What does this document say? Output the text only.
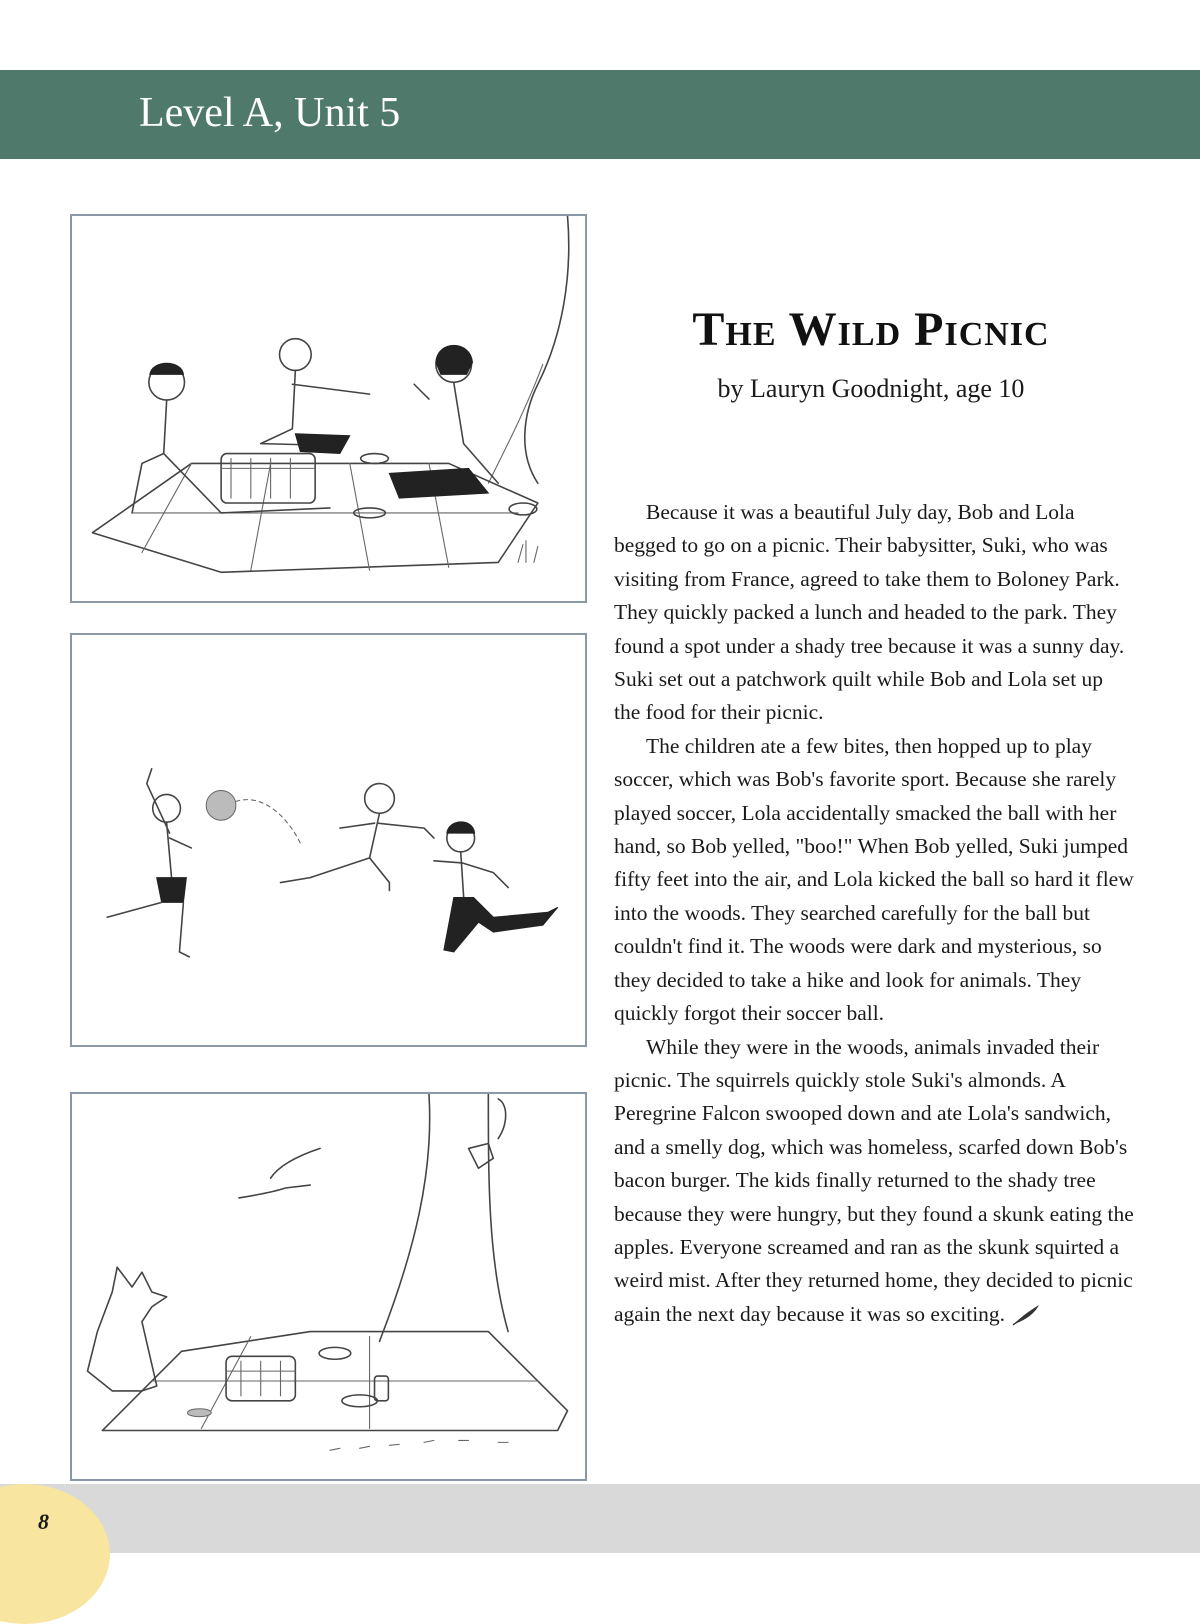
Level A, Unit 5
The Wild Picnic
by Lauryn Goodnight, age 10

Because it was a beautiful July day, Bob and Lola begged to go on a picnic. Their babysitter, Suki, who was visiting from France, agreed to take them to Boloney Park. They quickly packed a lunch and headed to the park. They found a spot under a shady tree because it was a sunny day. Suki set out a patchwork quilt while Bob and Lola set up the food for their picnic.

The children ate a few bites, then hopped up to play soccer, which was Bob's favorite sport. Because she rarely played soccer, Lola accidentally smacked the ball with her hand, so Bob yelled, "boo!" When Bob yelled, Suki jumped fifty feet into the air, and Lola kicked the ball so hard it flew into the woods. They searched carefully for the ball but couldn't find it. The woods were dark and mysterious, so they decided to take a hike and look for animals. They quickly forgot their soccer ball.

While they were in the woods, animals invaded their picnic. The squirrels quickly stole Suki's almonds. A Peregrine Falcon swooped down and ate Lola's sandwich, and a smelly dog, which was homeless, scarfed down Bob's bacon burger. The kids finally returned to the shady tree because they were hungry, but they found a skunk eating the apples. Everyone screamed and ran as the skunk squirted a weird mist. After they returned home, they decided to picnic again the next day because it was so exciting.

8
